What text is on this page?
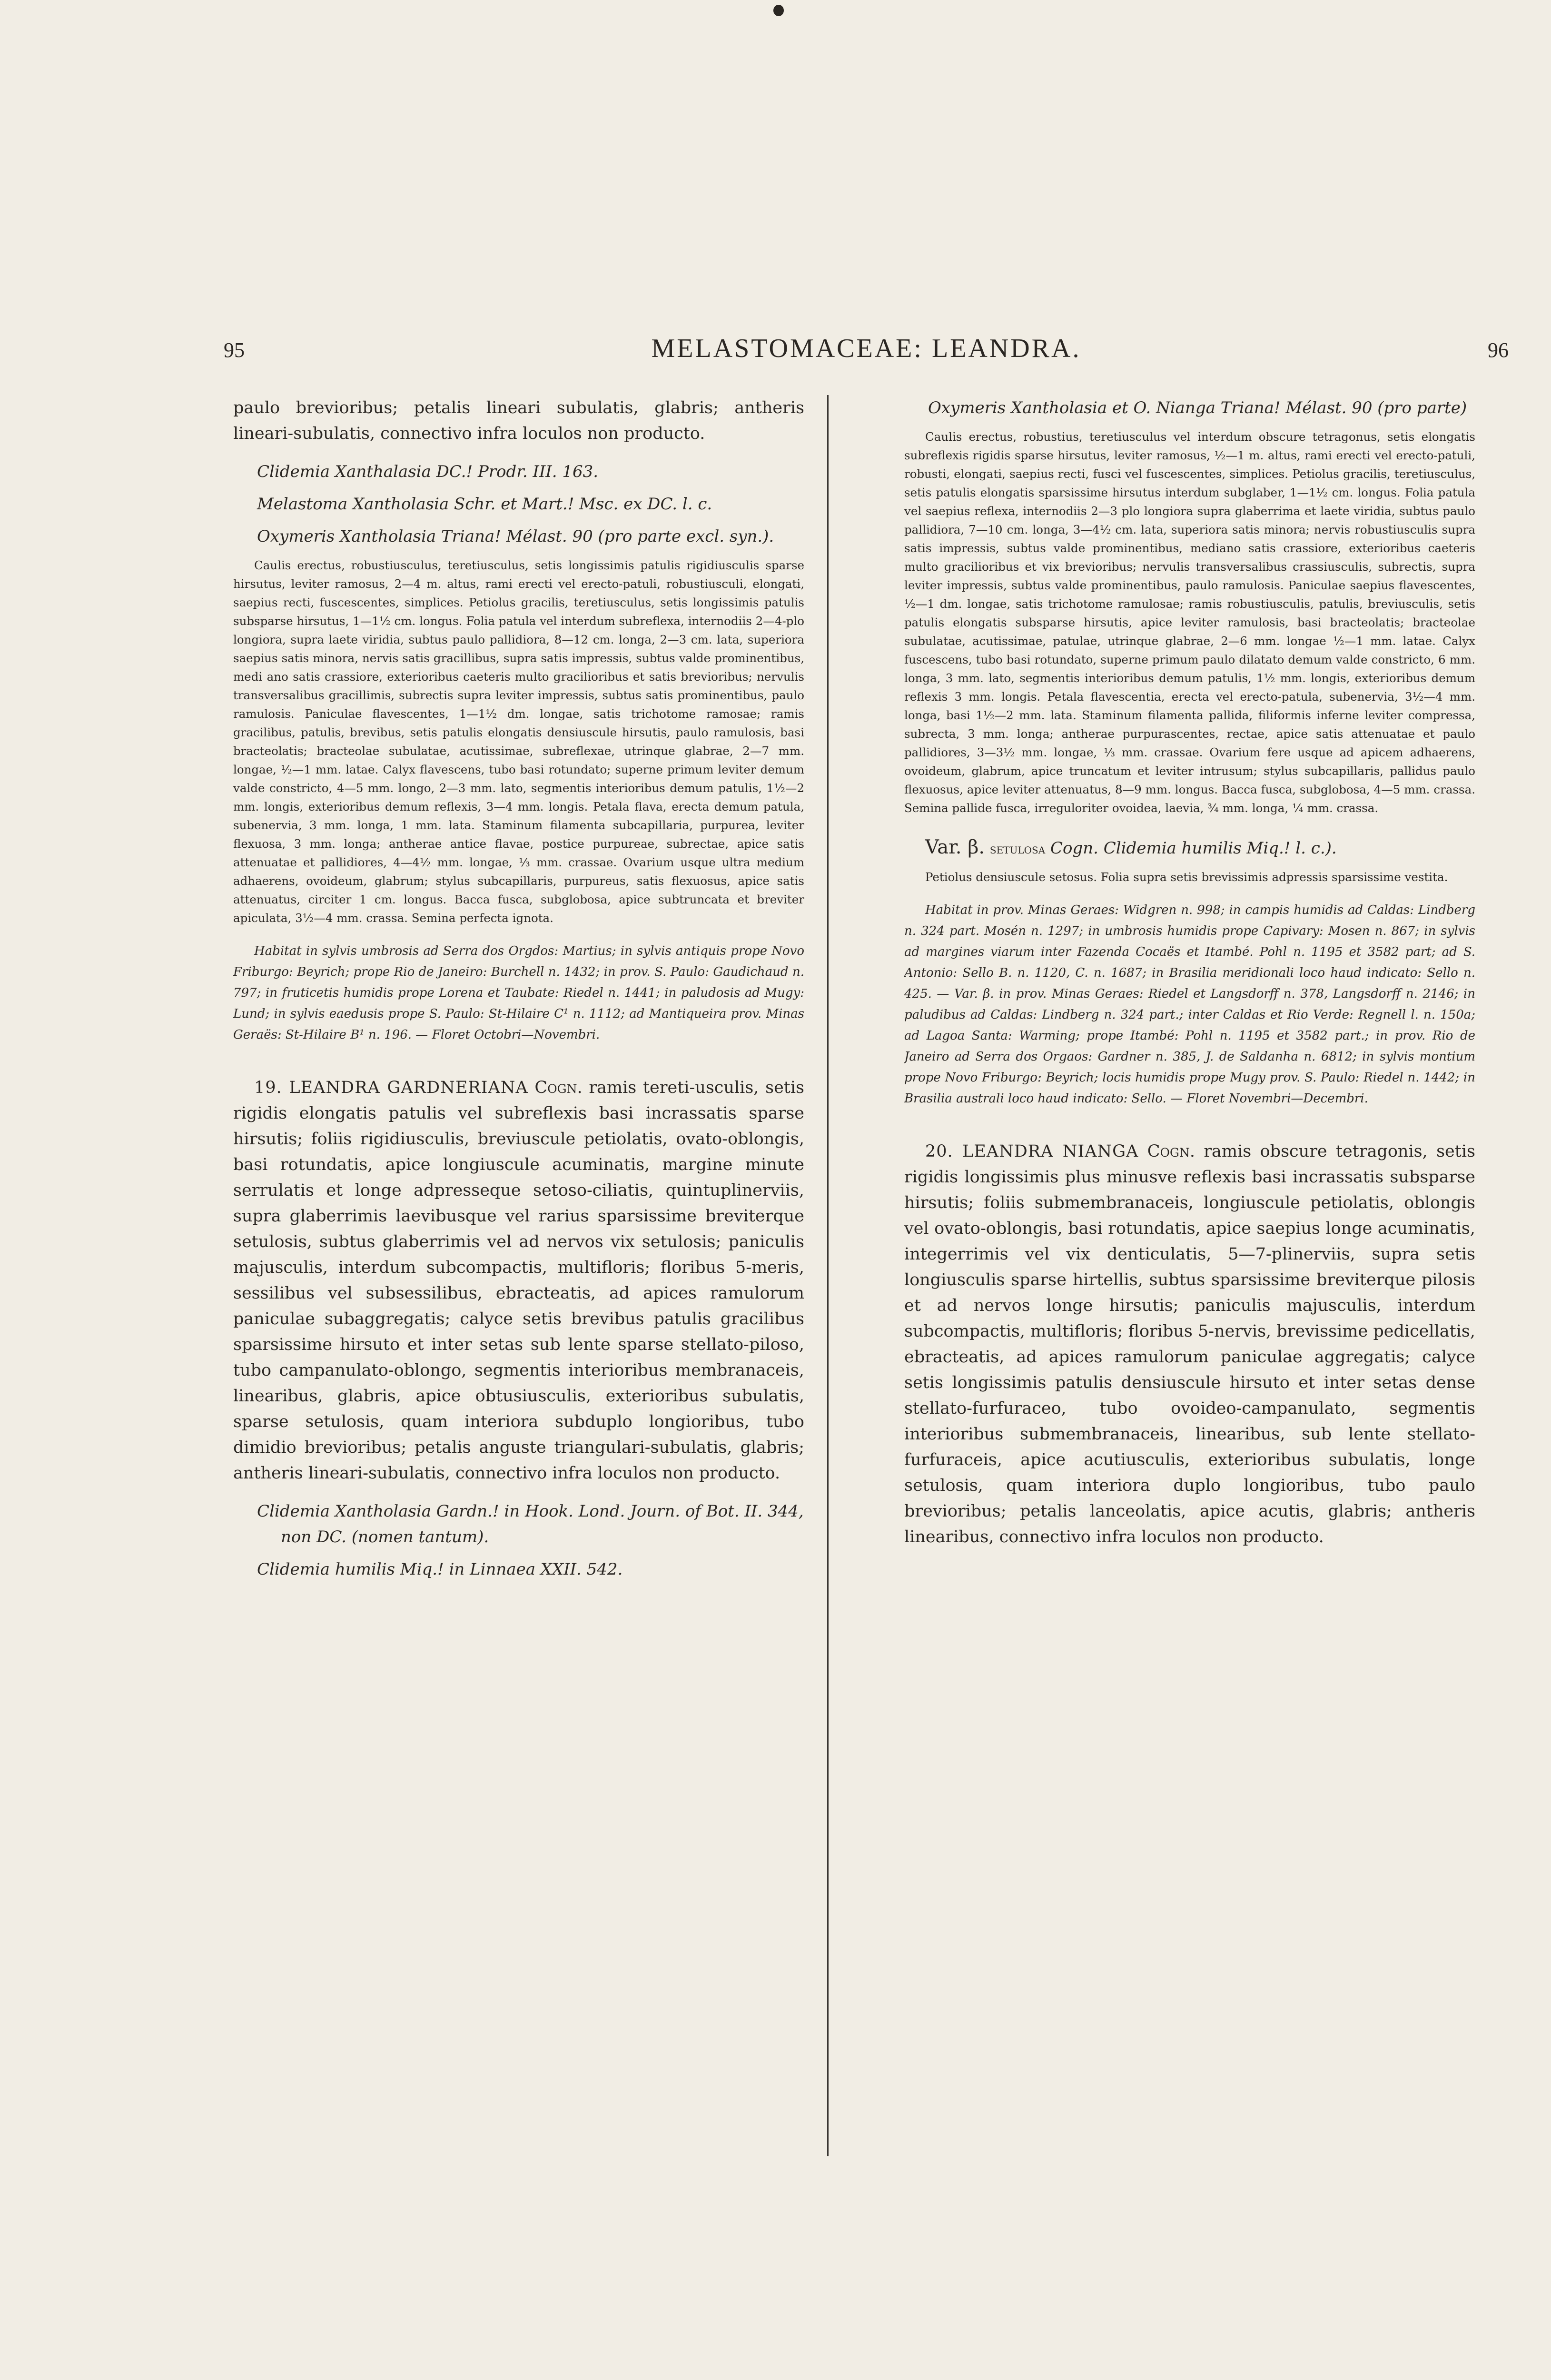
95	MELASTOMACEAE: LEANDRA.	96

paulo brevioribus; petalis lineari subulatis, glabris; antheris lineari-subulatis, connectivo infra loculos non producto.

Clidemia Xanthalasia DC.! Prodr. III. 163.

Melastoma Xantholasia Schr. et Mart.! Msc. ex DC. l. c.

Oxymeris Xantholasia Triana! Mélast. 90 (pro parte excl. syn.).

Caulis erectus, robustiusculus, teretiusculus, setis longissimis patulis rigidiusculis sparse hirsutus, leviter ramosus, 2—4 m. altus, rami erecti vel erecto-patuli, robustiusculi, elongati, saepius recti, fuscescentes, simplices. Petiolus gracilis, teretiusculus, setis longissimis patulis subsparse hirsutus, 1—1½ cm. longus. Folia patula vel interdum subreflexa, internodiis 2—4-plo longiora, supra laete viridia, subtus paulo pallidiora, 8—12 cm. longa, 2—3 cm. lata, superiora saepius satis minora, nervis satis gracillibus, supra satis impressis, subtus valde prominentibus, medi ano satis crassiore, exterioribus caeteris multo gracilioribus et satis brevioribus; nervulis transversalibus gracillimis, subrectis supra leviter impressis, subtus satis prominentibus, paulo ramulosis. Paniculae flavescentes, 1—1½ dm. longae, satis trichotome ramosae; ramis gracilibus, patulis, brevibus, setis patulis elongatis densiuscule hirsutis, paulo ramulosis, basi bracteolatis; bracteolae subulatae, acutissimae, subreflexae, utrinque glabrae, 2—7 mm. longae, ½—1 mm. latae. Calyx flavescens, tubo basi rotundato; superne primum leviter demum valde constricto, 4—5 mm. longo, 2—3 mm. lato, segmentis interioribus demum patulis, 1½—2 mm. longis, exterioribus demum reflexis, 3—4 mm. longis. Petala flava, erecta demum patula, subenervia, 3 mm. longa, 1 mm. lata. Staminum filamenta subcapillaria, purpurea, leviter flexuosa, 3 mm. longa; antherae antice flavae, postice purpureae, subrectae, apice satis attenuatae et pallidiores, 4—4½ mm. longae, ⅓ mm. crassae. Ovarium usque ultra medium adhaerens, ovoideum, glabrum; stylus subcapillaris, purpureus, satis flexuosus, apice satis attenuatus, circiter 1 cm. longus. Bacca fusca, subglobosa, apice subtruncata et breviter apiculata, 3½—4 mm. crassa. Semina perfecta ignota.

Habitat in sylvis umbrosis ad Serra dos Orgdos: Martius; in sylvis antiquis prope Novo Friburgo: Beyrich; prope Rio de Janeiro: Burchell n. 1432; in prov. S. Paulo: Gaudichaud n. 797; in fruticetis humidis prope Lorena et Taubate: Riedel n. 1441; in paludosis ad Mugy: Lund; in sylvis eaedusis prope S. Paulo: St-Hilaire C¹ n. 1112; ad Mantiqueira prov. Minas Geraës: St-Hilaire B¹ n. 196. — Floret Octobri—Novembri.

19. LEANDRA GARDNERIANA Cogn. ramis tereti-usculis, setis rigidis elongatis patulis vel subreflexis basi incrassatis sparse hirsutis; foliis rigidiusculis, breviuscule petiolatis, ovato-oblongis, basi rotundatis, apice longiuscule acuminatis, margine minute serrulatis et longe adpresseque setoso-ciliatis, quintuplinerviis, supra glaberrimis laevibusque vel rarius sparsissime breviterque setulosis, subtus glaberrimis vel ad nervos vix setulosis; paniculis majusculis, interdum subcompactis, multifloris; floribus 5-meris, sessilibus vel subsessilibus, ebracteatis, ad apices ramulorum paniculae subaggregatis; calyce setis brevibus patulis gracilibus sparsissime hirsuto et inter setas sub lente sparse stellato-piloso, tubo campanulato-oblongo, segmentis interioribus membranaceis, linearibus, glabris, apice obtusiusculis, exterioribus subulatis, sparse setulosis, quam interiora subduplo longioribus, tubo dimidio brevioribus; petalis anguste triangulari-subulatis, glabris; antheris lineari-subulatis, connectivo infra loculos non producto.

Clidemia Xantholasia Gardn.! in Hook. Lond. Journ. of Bot. II. 344, non DC. (nomen tantum).

Clidemia humilis Miq.! in Linnaea XXII. 542.

Oxymeris Xantholasia et O. Nianga Triana! Mélast. 90 (pro parte)

Caulis erectus, robustius, teretiusculus vel interdum obscure tetragonus, setis elongatis subreflexis rigidis sparse hirsutus, leviter ramosus, ½—1 m. altus, rami erecti vel erecto-patuli, robusti, elongati, saepius recti, fusci vel fuscescentes, simplices. Petiolus gracilis, teretiusculus, setis patulis elongatis sparsissime hirsutus interdum subglaber, 1—1½ cm. longus. Folia patula vel saepius reflexa, internodiis 2—3 plo longiora supra glaberrima et laete viridia, subtus paulo pallidiora, 7—10 cm. longa, 3—4½ cm. lata, superiora satis minora; nervis robustiusculis supra satis impressis, subtus valde prominentibus, mediano satis crassiore, exterioribus caeteris multo gracilioribus et vix brevioribus; nervulis transversalibus crassiusculis, subrectis, supra leviter impressis, subtus valde prominentibus, paulo ramulosis. Paniculae saepius flavescentes, ½—1 dm. longae, satis trichotome ramulosae; ramis robustiusculis, patulis, breviusculis, setis patulis elongatis subsparse hirsutis, apice leviter ramulosis, basi bracteolatis; bracteolae subulatae, acutissimae, patulae, utrinque glabrae, 2—6 mm. longae ½—1 mm. latae. Calyx fuscescens, tubo basi rotundato, superne primum paulo dilatato demum valde constricto, 6 mm. longa, 3 mm. lato, segmentis interioribus demum patulis, 1½ mm. longis, exterioribus demum reflexis 3 mm. longis. Petala flavescentia, erecta vel erecto-patula, subenervia, 3½—4 mm. longa, basi 1½—2 mm. lata. Staminum filamenta pallida, filiformis inferne leviter compressa, subrecta, 3 mm. longa; antherae purpurascentes, rectae, apice satis attenuatae et paulo pallidiores, 3—3½ mm. longae, ⅓ mm. crassae. Ovarium fere usque ad apicem adhaerens, ovoideum, glabrum, apice truncatum et leviter intrusum; stylus subcapillaris, pallidus paulo flexuosus, apice leviter attenuatus, 8—9 mm. longus. Bacca fusca, subglobosa, 4—5 mm. crassa. Semina pallide fusca, irreguloriter ovoidea, laevia, ¾ mm. longa, ¼ mm. crassa.

Var. β. setulosa Cogn. Clidemia humilis Miq.! l. c.).

Petiolus densiuscule setosus. Folia supra setis brevissimis adpressis sparsissime vestita.

Habitat in prov. Minas Geraes: Widgren n. 998; in campis humidis ad Caldas: Lindberg n. 324 part. Mosén n. 1297; in umbrosis humidis prope Capivary: Mosen n. 867; in sylvis ad margines viarum inter Fazenda Cocaës et Itambé. Pohl n. 1195 et 3582 part; ad S. Antonio: Sello B. n. 1120, C. n. 1687; in Brasilia meridionali loco haud indicato: Sello n. 425. — Var. β. in prov. Minas Geraes: Riedel et Langsdorff n. 378, Langsdorff n. 2146; in paludibus ad Caldas: Lindberg n. 324 part.; inter Caldas et Rio Verde: Regnell l. n. 150a; ad Lagoa Santa: Warming; prope Itambé: Pohl n. 1195 et 3582 part.; in prov. Rio de Janeiro ad Serra dos Orgaos: Gardner n. 385, J. de Saldanha n. 6812; in sylvis montium prope Novo Friburgo: Beyrich; locis humidis prope Mugy prov. S. Paulo: Riedel n. 1442; in Brasilia australi loco haud indicato: Sello. — Floret Novembri—Decembri.

20. LEANDRA NIANGA Cogn. ramis obscure tetragonis, setis rigidis longissimis plus minusve reflexis basi incrassatis subsparse hirsutis; foliis submembranaceis, longiuscule petiolatis, oblongis vel ovato-oblongis, basi rotundatis, apice saepius longe acuminatis, integerrimis vel vix denticulatis, 5—7-plinerviis, supra setis longiusculis sparse hirtellis, subtus sparsissime breviterque pilosis et ad nervos longe hirsutis; paniculis majusculis, interdum subcompactis, multifloris; floribus 5-nervis, brevissime pedicellatis, ebracteatis, ad apices ramulorum paniculae aggregatis; calyce setis longissimis patulis densiuscule hirsuto et inter setas dense stellato-furfuraceo, tubo ovoideo-campanulato, segmentis interioribus submembranaceis, linearibus, sub lente stellato-furfuraceis, apice acutiusculis, exterioribus subulatis, longe setulosis, quam interiora duplo longioribus, tubo paulo brevioribus; petalis lanceolatis, apice acutis, glabris; antheris linearibus, connectivo infra loculos non producto.
